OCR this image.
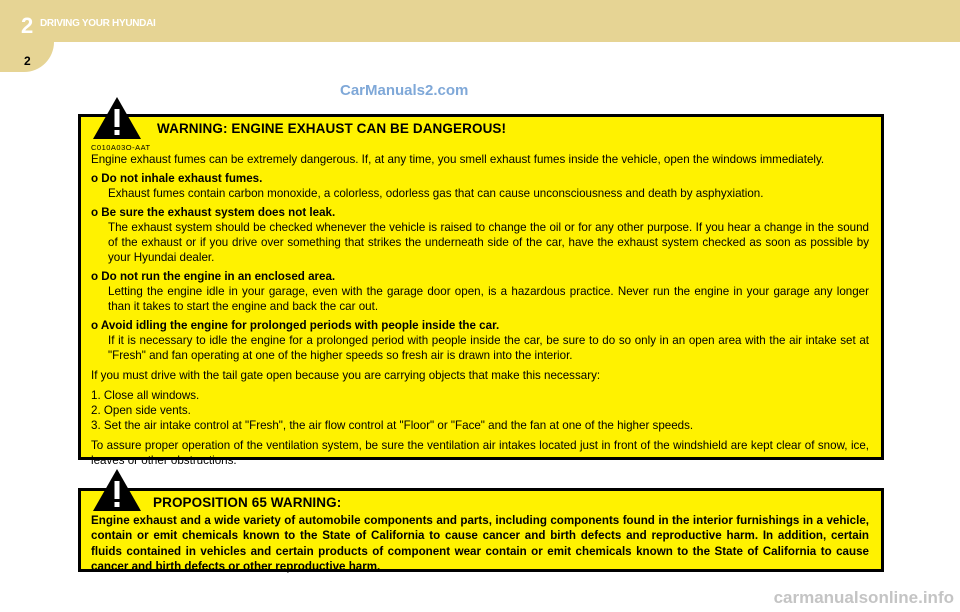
2 DRIVING YOUR HYUNDAI
2
CarManuals2.com
WARNING: ENGINE EXHAUST CAN BE DANGEROUS!
C010A03O-AAT

Engine exhaust fumes can be extremely dangerous. If, at any time, you smell exhaust fumes inside the vehicle, open the windows immediately.

o Do not inhale exhaust fumes.

Exhaust fumes contain carbon monoxide, a colorless, odorless gas that can cause unconsciousness and death by asphyxiation.

o Be sure the exhaust system does not leak.

The exhaust system should be checked whenever the vehicle is raised to change the oil or for any other purpose. If you hear a change in the sound of the exhaust or if you drive over something that strikes the underneath side of the car, have the exhaust system checked as soon as possible by your Hyundai dealer.

o Do not run the engine in an enclosed area.

Letting the engine idle in your garage, even with the garage door open, is a hazardous practice. Never run the engine in your garage any longer than it takes to start the engine and back the car out.

o Avoid idling the engine for prolonged periods with people inside the car.

If it is necessary to idle the engine for a prolonged period with people inside the car, be sure to do so only in an open area with the air intake set at "Fresh" and fan operating at one of the higher speeds so fresh air is drawn into the interior.

If you must drive with the tail gate open because you are carrying objects that make this necessary:

1. Close all windows.

2. Open side vents.

3. Set the air intake control at "Fresh", the air flow control at "Floor" or "Face" and the fan at one of the higher speeds.

To assure proper operation of the ventilation system, be sure the ventilation air intakes located just in front of the windshield are kept clear of snow, ice, leaves or other obstructions.

PROPOSITION 65 WARNING:

Engine exhaust and a wide variety of automobile components and parts, including components found in the interior furnishings in a vehicle, contain or emit chemicals known to the State of California to cause cancer and birth defects and reproductive harm. In addition, certain fluids contained in vehicles and certain products of component wear contain or emit chemicals known to the State of California to cause cancer and birth defects or other reproductive harm.

carmanualsonline.info
